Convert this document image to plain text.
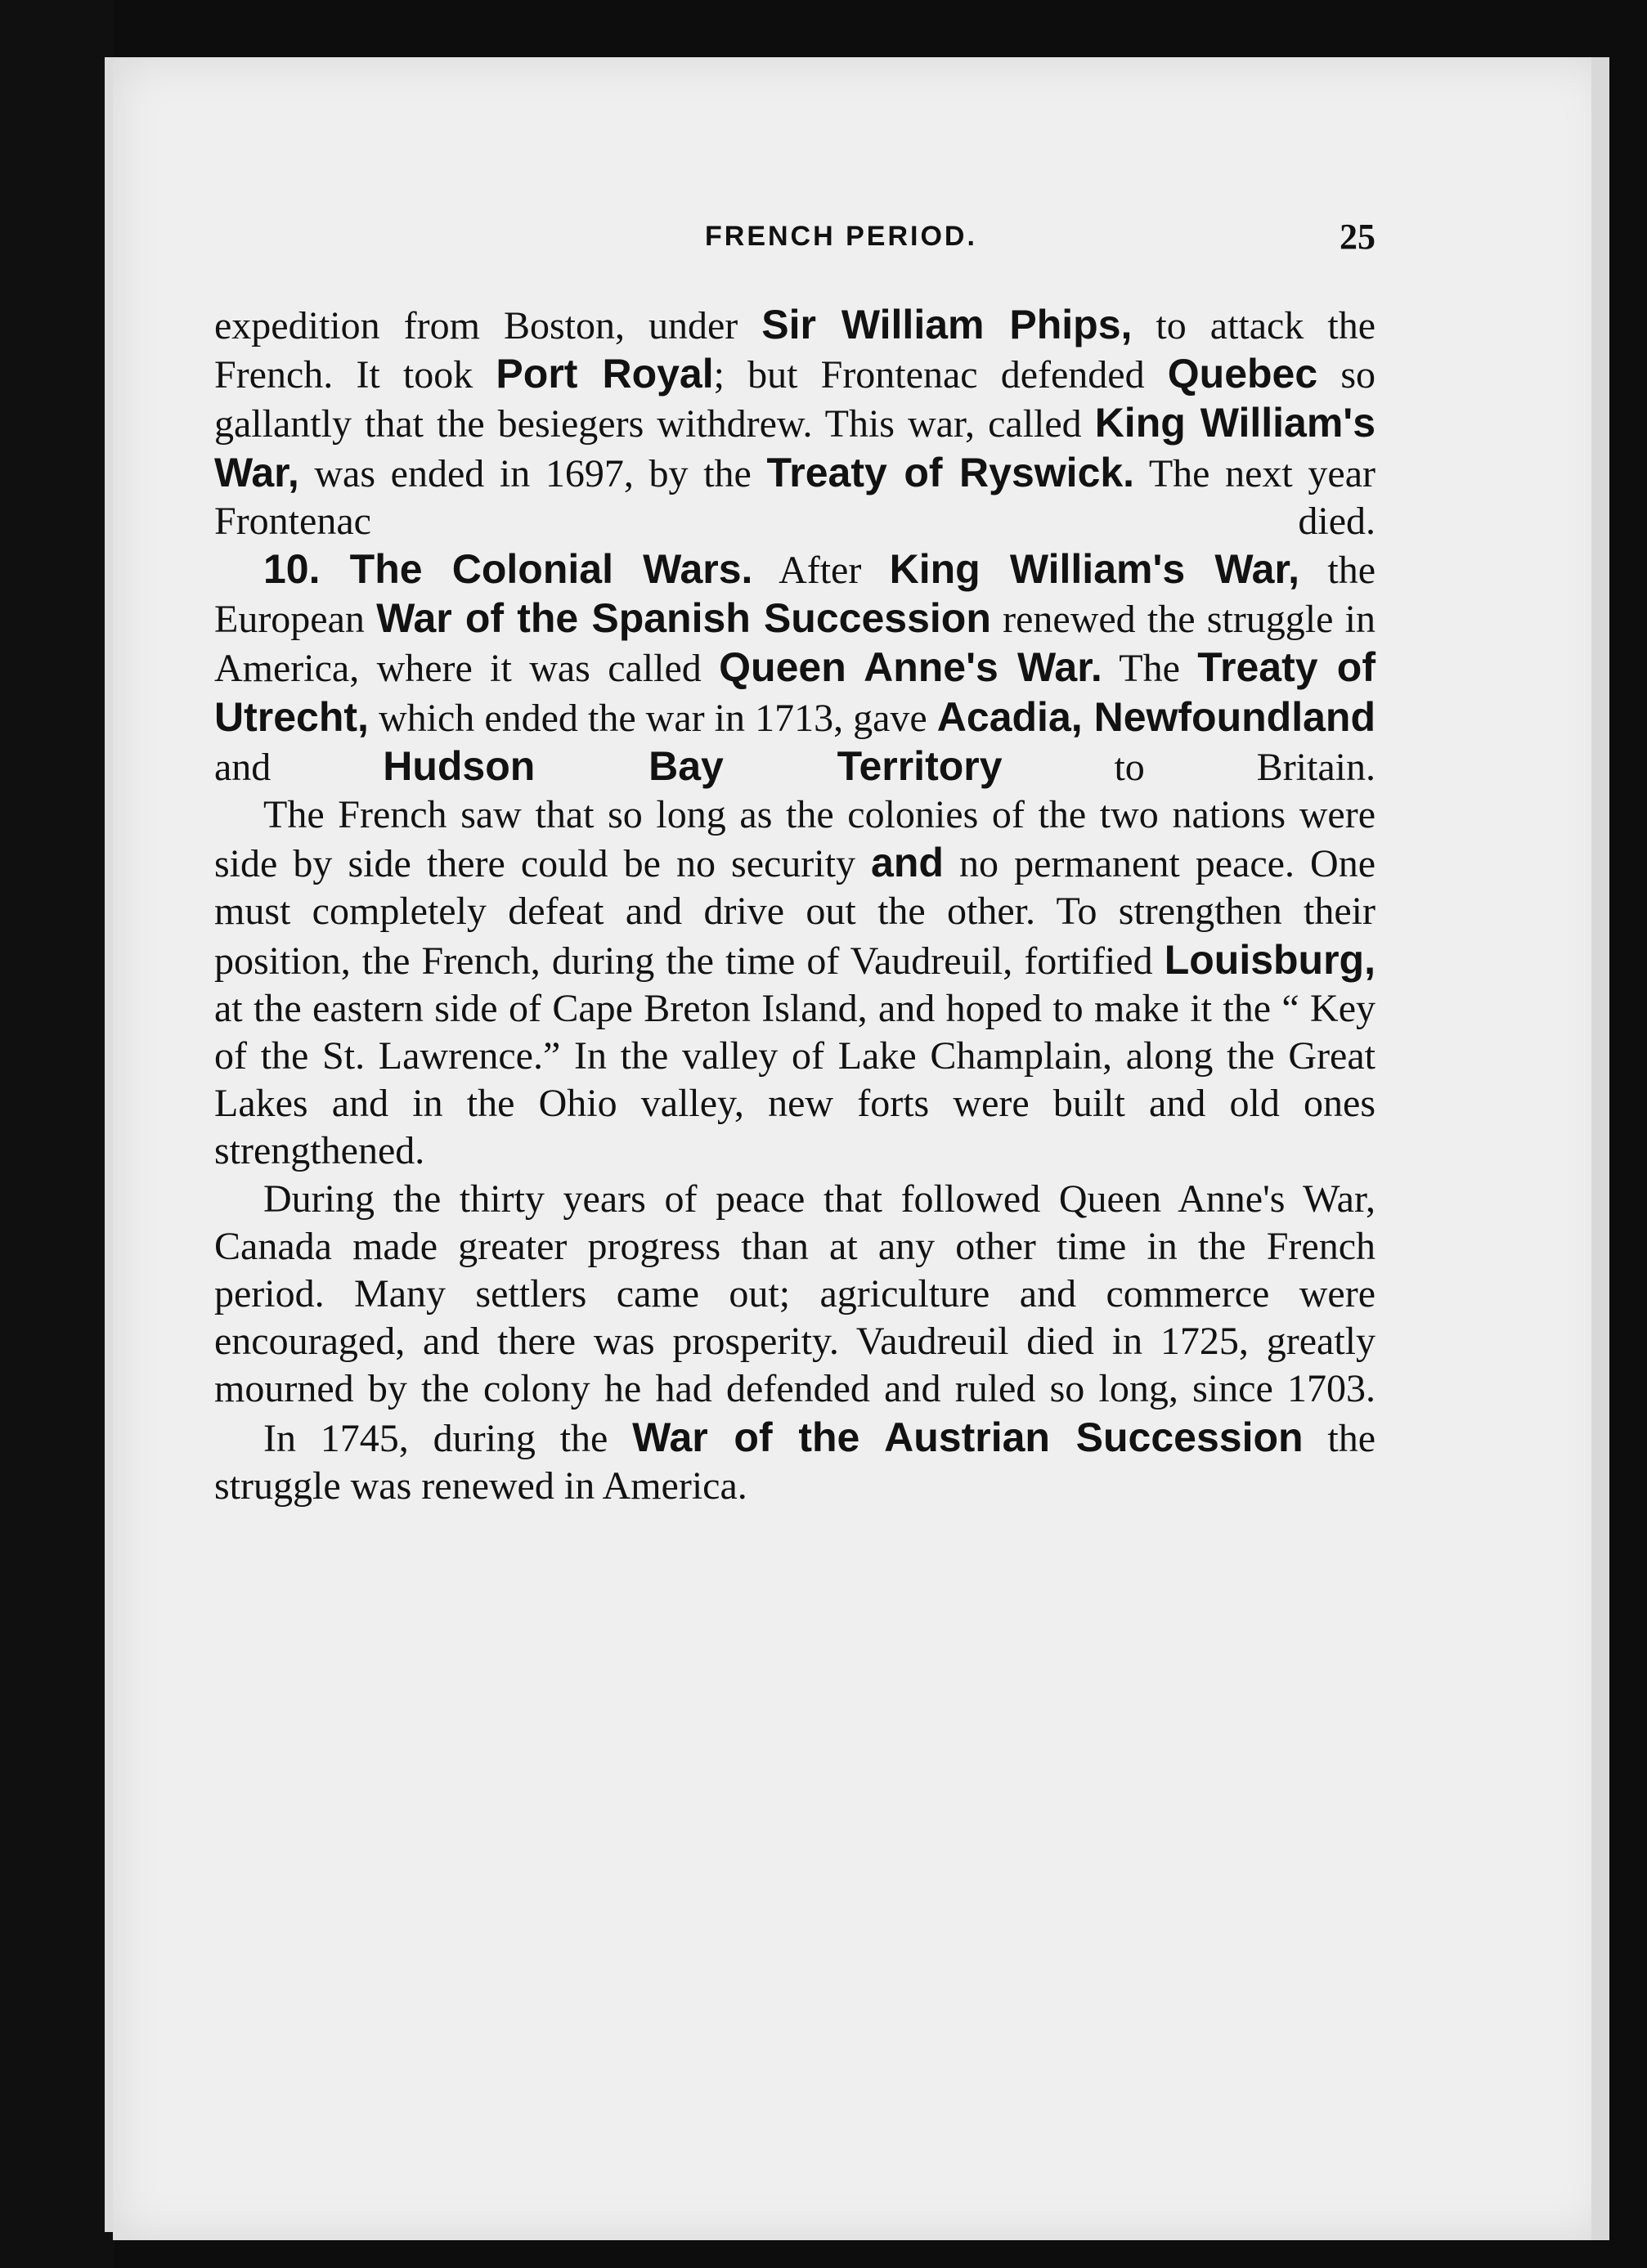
FRENCH PERIOD.	25

expedition from Boston, under Sir William Phips, to attack the French. It took Port Royal; but Frontenac defended Quebec so gallantly that the besiegers withdrew. This war, called King William's War, was ended in 1697, by the Treaty of Ryswick. The next year Frontenac died.

10. The Colonial Wars. After King William's War, the European War of the Spanish Succession renewed the struggle in America, where it was called Queen Anne's War. The Treaty of Utrecht, which ended the war in 1713, gave Acadia, Newfoundland and Hudson Bay Territory to Britain.

The French saw that so long as the colonies of the two nations were side by side there could be no security and no permanent peace. One must completely defeat and drive out the other. To strengthen their position, the French, during the time of Vaudreuil, fortified Louisburg, at the eastern side of Cape Breton Island, and hoped to make it the “ Key of the St. Lawrence.” In the valley of Lake Champlain, along the Great Lakes and in the Ohio valley, new forts were built and old ones strengthened.

During the thirty years of peace that followed Queen Anne's War, Canada made greater progress than at any other time in the French period. Many settlers came out; agriculture and commerce were encouraged, and there was prosperity. Vaudreuil died in 1725, greatly mourned by the colony he had defended and ruled so long, since 1703.

In 1745, during the War of the Austrian Succession the struggle was renewed in America.
